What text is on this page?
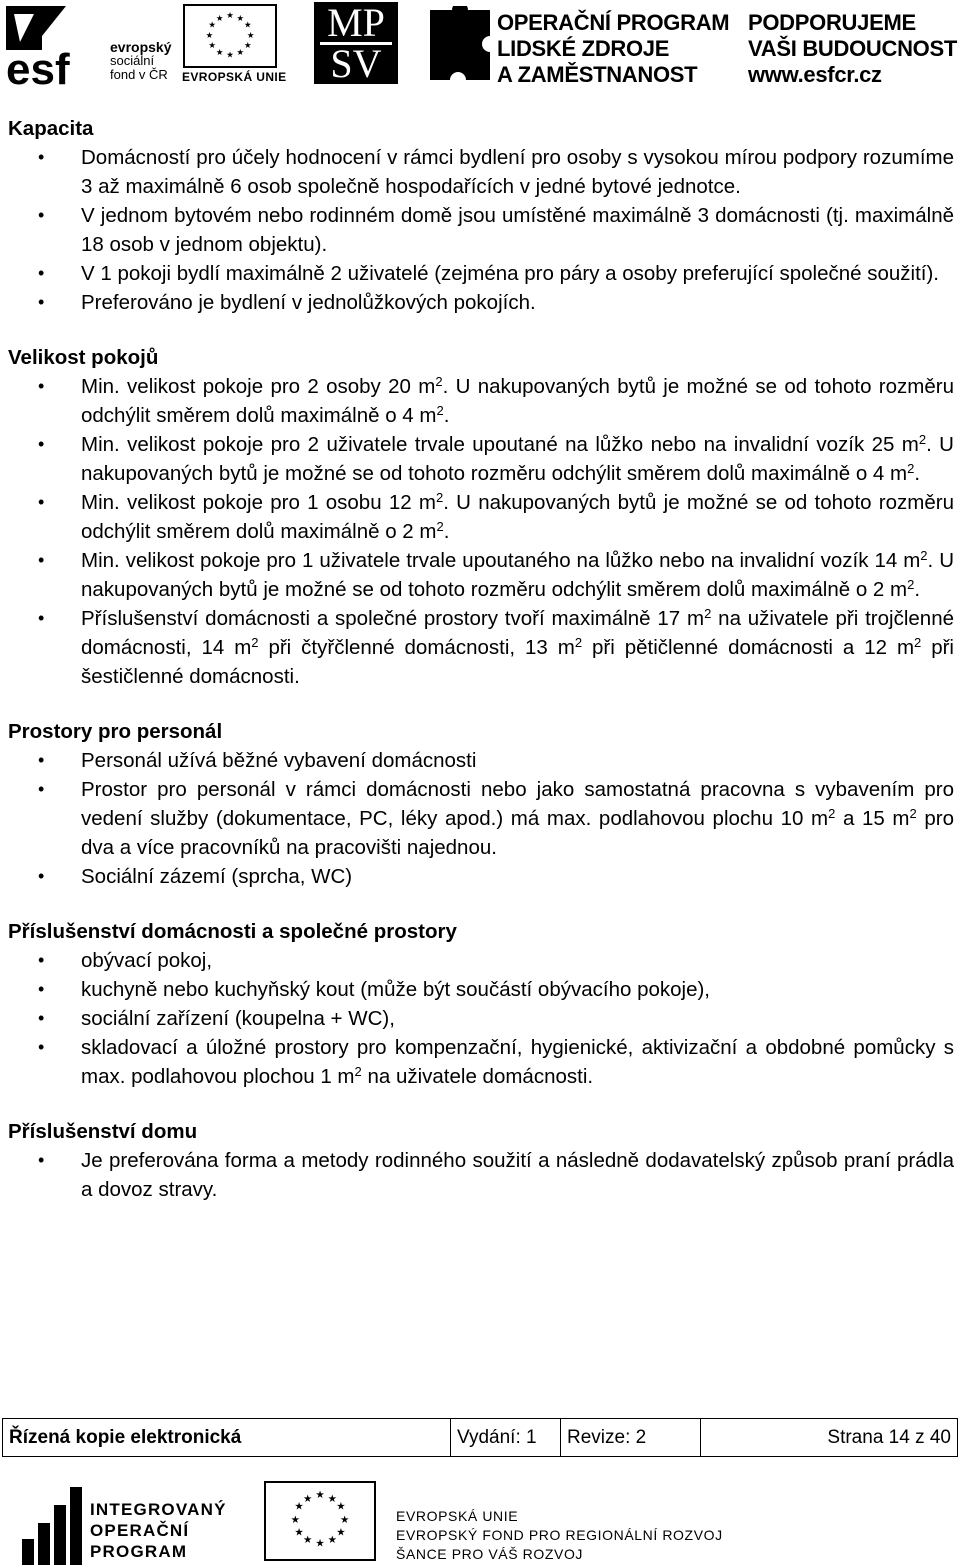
esf	evropský
sociální
fond v ČR
★ ★
★
★
★
★
★
★
★
★
★
★
EVROPSKÁ UNIE
MP
SV
OPERAČNÍ PROGRAM
LIDSKÉ ZDROJE
A ZAMĚSTNANOST
PODPORUJEME
VAŠI BUDOUCNOST
www.esfcr.cz
Kapacita
• Domácností pro účely hodnocení v rámci bydlení pro osoby s vysokou mírou podpory rozumíme 3 až maximálně 6 osob společně hospodařících v jedné bytové jednotce.
• V jednom bytovém nebo rodinném domě jsou umístěné maximálně 3 domácnosti (tj. maximálně 18 osob v jednom objektu).
• V 1 pokoji bydlí maximálně 2 uživatelé (zejména pro páry a osoby preferující společné soužití).
• Preferováno je bydlení v jednolůžkových pokojích.
Velikost pokojů
• Min. velikost pokoje pro 2 osoby 20 $m^2$. U nakupovaných bytů je možné se od tohoto rozměru odchýlit směrem dolů maximálně o 4 $m^2$.
• Min. velikost pokoje pro 2 uživatele trvale upoutané na lůžko nebo na invalidní vozík 25 $m^2$. U nakupovaných bytů je možné se od tohoto rozměru odchýlit směrem dolů maximálně o 4 $m^2$.
• Min. velikost pokoje pro 1 osobu 12 $m^2$. U nakupovaných bytů je možné se od tohoto rozměru odchýlit směrem dolů maximálně o 2 $m^2$.
• Min. velikost pokoje pro 1 uživatele trvale upoutaného na lůžko nebo na invalidní vozík 14 $m^2$. U nakupovaných bytů je možné se od tohoto rozměru odchýlit směrem dolů maximálně o 2 $m^2$.
• Příslušenství domácnosti a společné prostory tvoří maximálně 17 $m^2$ na uživatele při trojčlenné domácnosti, 14 $m^2$ při čtyřčlenné domácnosti, 13 $m^2$ při pětičlenné domácnosti a 12 $m^2$ při šestičlenné domácnosti.
Prostory pro personál
• Personál užívá běžné vybavení domácnosti
• Prostor pro personál v rámci domácnosti nebo jako samostatná pracovna s vybavením pro vedení služby (dokumentace, PC, léky apod.) má max. podlahovou plochu 10 $m^2$ a 15 $m^2$ pro dva a více pracovníků na pracovišti najednou.
• Sociální zázemí (sprcha, WC)
Příslušenství domácnosti a společné prostory
• obývací pokoj,
• kuchyně nebo kuchyňský kout (může být součástí obývacího pokoje),
• sociální zařízení (koupelna + WC),
• skladovací a úložné prostory pro kompenzační, hygienické, aktivizační a obdobné pomůcky s max. podlahovou plochou 1 $m^2$ na uživatele domácnosti.
Příslušenství domu
• Je preferována forma a metody rodinného soužití a následně dodavatelský způsob praní prádla a dovoz stravy.
Řízená kopie elektronická	Vydání: 1	Revize: 2	Strana 14 z 40
INTEGROVANÝ
OPERAČNÍ
PROGRAM
★ ★
★
★
★
★
★
★
★
★
★
★
EVROPSKÁ UNIE
EVROPSKÝ FOND PRO REGIONÁLNÍ ROZVOJ
ŠANCE PRO VÁŠ ROZVOJ
